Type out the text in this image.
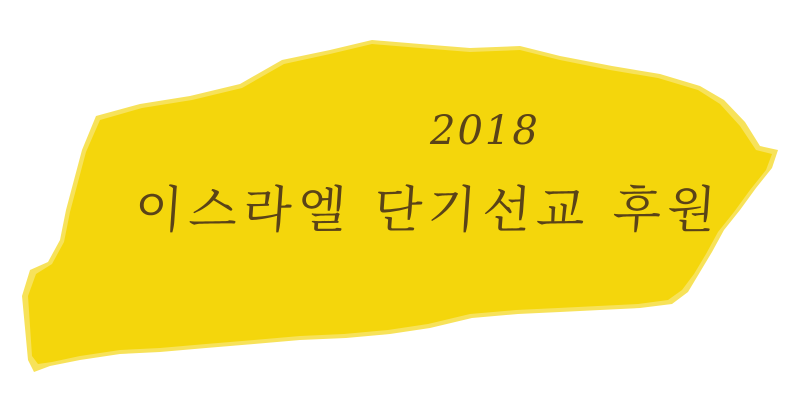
2018
이스라엘 단기선교 후원
